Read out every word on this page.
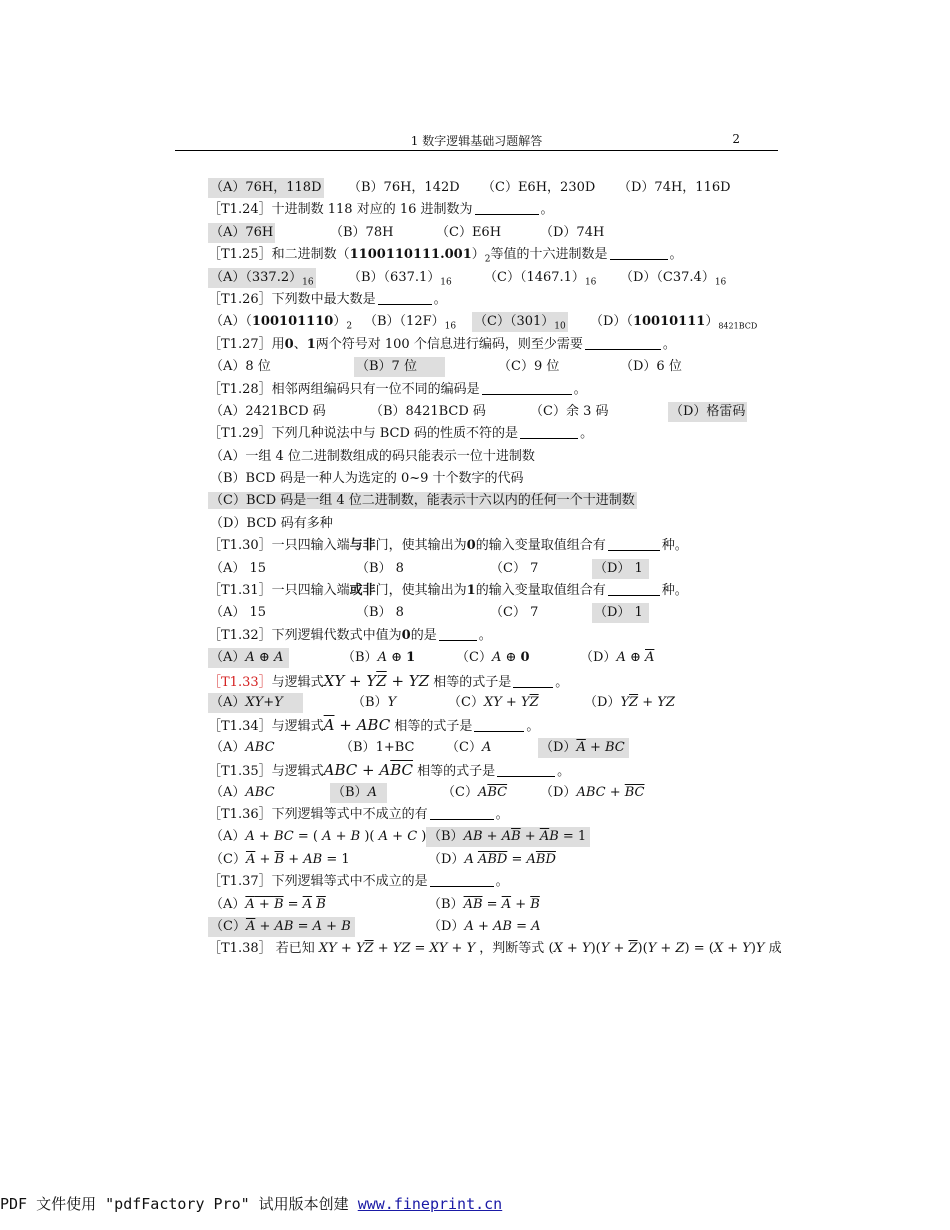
1 数字逻辑基础习题解答	2
（A）76H，118D （B）76H，142D （C）E6H，230D （D）74H，116D
［T1.24］十进制数 118 对应的 16 进制数为	。
（A）76H	（B）78H	（C）E6H	（D）74H
［T1.25］和二进制数$(1100110111.001)_2$等值的十六进制数是	。
$(A)(337.2)_{16}$	$(B)(637.1)_{16}$ $(C)(1467.1)_{16}$ $(D)(C37.4)_{16}$
［T1.26］下列数中最大数是	。
$(A)(100101110)_2$ $(B)(12F)_{16}$ $(C)(301)_{10}$ $(D)(10010111)_{8421BCD}$
［T1.27］用0、1两个符号对 100 个信息进行编码，则至少需要	。
（A）8 位	（B）7 位	（C）9 位	（D）6 位
［T1.28］相邻两组编码只有一位不同的编码是	。
（A）2421BCD 码	（B）8421BCD 码	（C）余 3 码	（D）格雷码
［T1.29］下列几种说法中与 BCD 码的性质不符的是	。
（A）一组 4 位二进制数组成的码只能表示一位十进制数
（B）BCD 码是一种人为选定的 0~9 十个数字的代码
（C）BCD 码是一组 4 位二进制数，能表示十六以内的任何一个十进制数
（D）BCD 码有多种
［T1.30］一只四输入端与非门，使其输出为0的输入变量取值组合有	种。
（A） 15	（B） 8	（C） 7	（D） 1
［T1.31］一只四输入端或非门，使其输出为1的输入变量取值组合有	种。
（A） 15	（B） 8	（C） 7	（D） 1
［T1.32］下列逻辑代数式中值为0的是	。
（A）A ⊕ A	（B）A ⊕ 1	（C）A ⊕ 0	（D）A ⊕ $\overline{A}$
［T1.33］与逻辑式XY + $Y\overline{Z}$ + YZ 相等的式子是	。
（A）XY+Y	（B）Y	$(C)XY + Y\overline{Z}$	$(D)Y\overline{Z}$ + YZ
［T1.34］与逻辑式$\overline{A}$ + ABC 相等的式子是	。
（A）ABC	（B）1+BC （C）A	$(D)\overline{A}$ + BC
［T1.35］与逻辑式ABC + $A\overline{BC}$ 相等的式子是	。
（A）ABC	（B）A	$(C)A\overline{BC}$	$(D)ABC + \overline{BC}$
［T1.36］下列逻辑等式中不成立的有	。
（A）A + BC = ( A + B )( A + C ) $(B)AB + A\overline{B} + \overline{A}B = 1$
$(C)\overline{A} + \overline{B}$ + AB = 1	（D）A $\overline{ABD} = A\overline{BD}$
［T1.37］下列逻辑等式中不成立的是	。
$(A)A + B = \overline{A}$ $\overline{B}$	$(B)\overline{AB} = \overline{A} + \overline{B}$
$(C)\overline{A}$ + AB = A + B	（D）A + AB = A
［T1.38］ 若已知 XY + $Y\overline{Z}$ + YZ = XY + Y ，判断等式 $(X + Y)(Y + \overline{Z})(Y + Z) = (X + Y)Y$ 成
PDF 文件使用 "pdfFactory Pro" 试用版本创建 www.fineprint.cn
